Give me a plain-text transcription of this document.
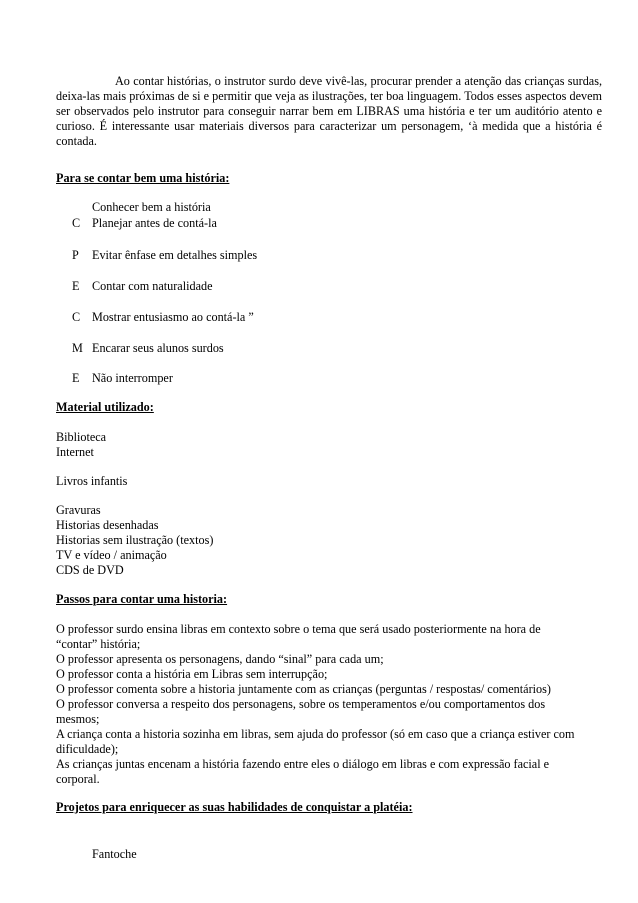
Ao contar histórias, o instrutor surdo deve vivê-las, procurar prender a atenção das crianças surdas, deixa-las mais próximas de si e permitir que veja as ilustrações, ter boa linguagem. Todos esses aspectos devem ser observados pelo instrutor para conseguir narrar bem em LIBRAS uma história e ter um auditório atento e curioso. É interessante usar materiais diversos para caracterizar um personagem, ‘à medida que a história é contada.

Para se contar bem uma história:
Conhecer bem a história
C Planejar antes de contá-la
P Evitar ênfase em detalhes simples
E Contar com naturalidade
C Mostrar entusiasmo ao contá-la ”
M Encarar seus alunos surdos
E Não interromper
Material utilizado:
Biblioteca
Internet
Livros infantis
Gravuras
Historias desenhadas
Historias sem ilustração (textos)
TV e vídeo / animação
CDS de DVD
Passos para contar uma historia:
O professor surdo ensina libras em contexto sobre o tema que será usado posteriormente na hora de “contar” história;
O professor apresenta os personagens, dando “sinal” para cada um;
O professor conta a história em Libras sem interrupção;
O professor comenta sobre a historia juntamente com as crianças (perguntas / respostas/ comentários)
O professor conversa a respeito dos personagens, sobre os temperamentos e/ou comportamentos dos mesmos;
A criança conta a historia sozinha em libras, sem ajuda do professor (só em caso que a criança estiver com dificuldade);
As crianças juntas encenam a história fazendo entre eles o diálogo em libras e com expressão facial e corporal.
Projetos para enriquecer as suas habilidades de conquistar a platéia:
Fantoche
